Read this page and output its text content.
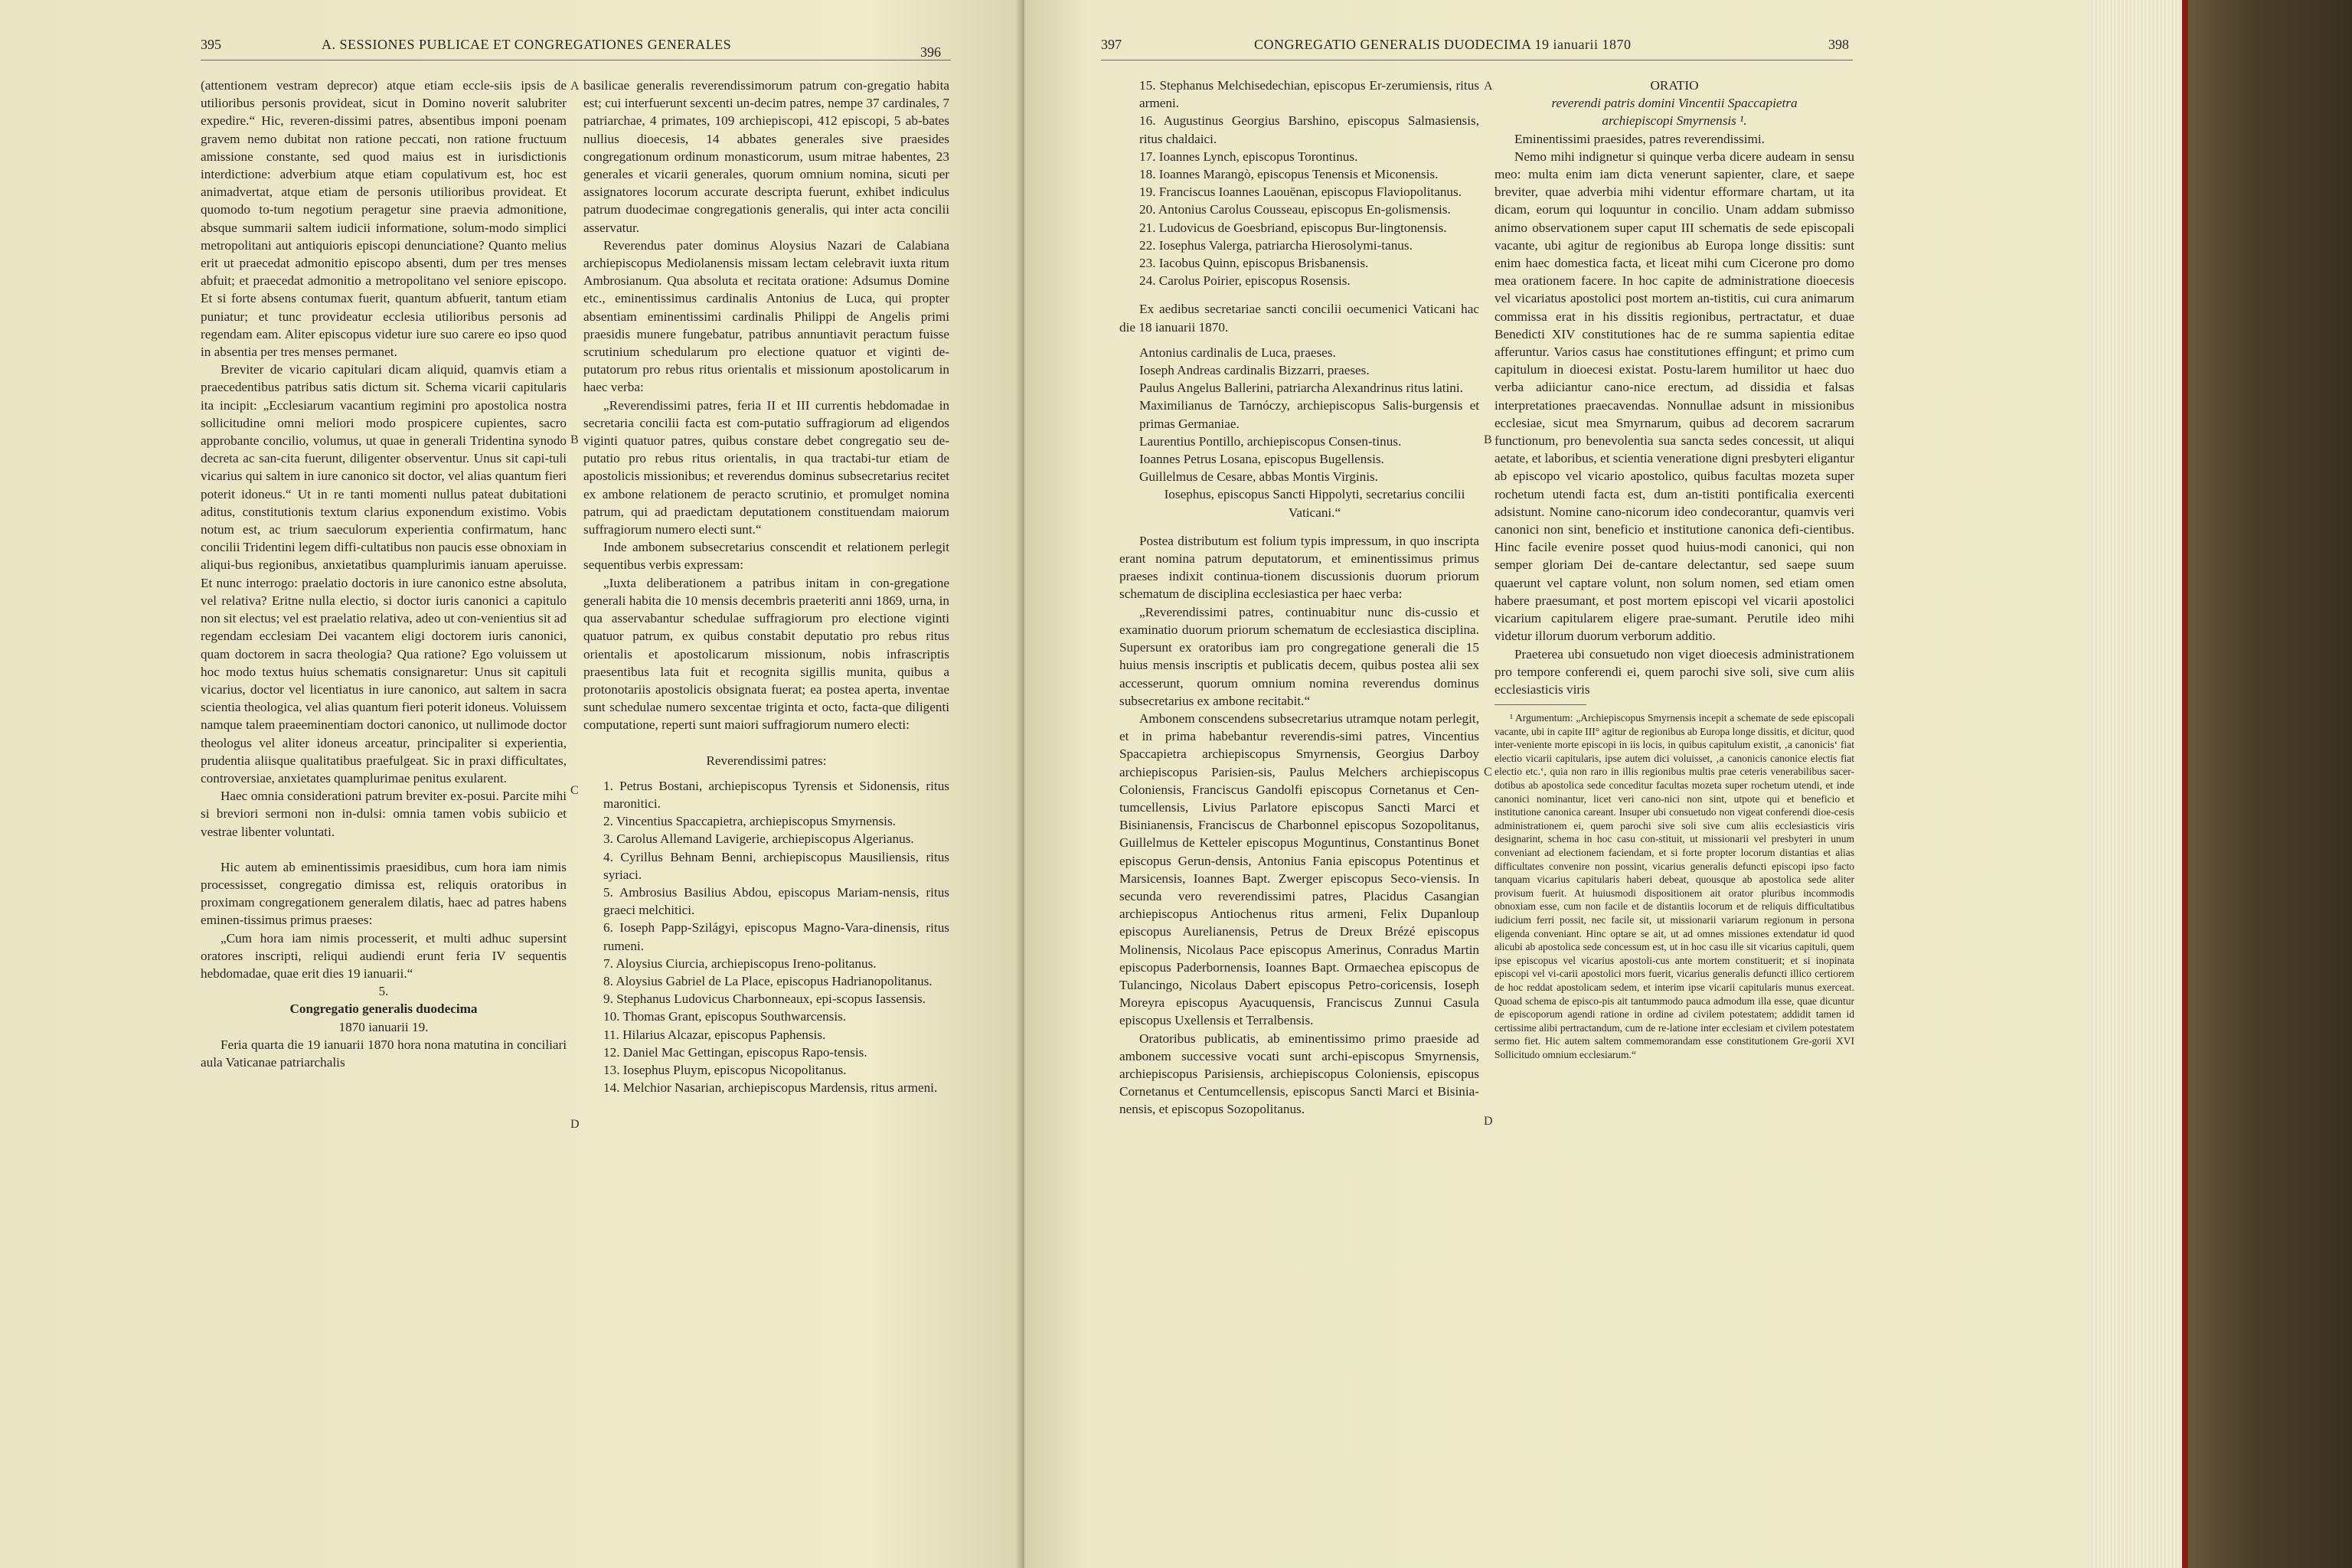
395	A. SESSIONES PUBLICAE ET CONGREGATIONES GENERALES	396

(attentionem vestram deprecor) atque etiam eccle-siis ipsis de utilioribus personis provideat, sicut in Domino noverit salubriter expedire.“ Hic, reveren-dissimi patres, absentibus imponi poenam gravem nemo dubitat non ratione peccati, non ratione fructuum amissione constante, sed quod maius est in iurisdictionis interdictione: adverbium atque etiam copulativum est, hoc est animadvertat, atque etiam de personis utilioribus provideat. Et quomodo to-tum negotium peragetur sine praevia admonitione, absque summarii saltem iudicii informatione, solum-modo simplici metropolitani aut antiquioris episcopi denunciatione? Quanto melius erit ut praecedat admonitio episcopo absenti, dum per tres menses abfuit; et praecedat admonitio a metropolitano vel seniore episcopo. Et si forte absens contumax fuerit, quantum abfuerit, tantum etiam puniatur; et tunc provideatur ecclesia utilioribus personis ad regendam eam. Aliter episcopus videtur iure suo carere eo ipso quod in absentia per tres menses permanet.

Breviter de vicario capitulari dicam aliquid, quamvis etiam a praecedentibus patribus satis dictum sit. Schema vicarii capitularis ita incipit: „Ecclesiarum vacantium regimini pro apostolica nostra sollicitudine omni meliori modo prospicere cupientes, sacro approbante concilio, volumus, ut quae in generali Tridentina synodo decreta ac san-cita fuerunt, diligenter observentur. Unus sit capi-tuli vicarius qui saltem in iure canonico sit doctor, vel alias quantum fieri poterit idoneus.“ Ut in re tanti momenti nullus pateat dubitationi aditus, constitutionis textum clarius exponendum existimo. Vobis notum est, ac trium saeculorum experientia confirmatum, hanc concilii Tridentini legem diffi-cultatibus non paucis esse obnoxiam in aliqui-bus regionibus, anxietatibus quamplurimis ianuam aperuisse. Et nunc interrogo: praelatio doctoris in iure canonico estne absoluta, vel relativa? Eritne nulla electio, si doctor iuris canonici a capitulo non sit electus; vel est praelatio relativa, adeo ut con-venientius sit ad regendam ecclesiam Dei vacantem eligi doctorem iuris canonici, quam doctorem in sacra theologia? Qua ratione? Ego voluissem ut hoc modo textus huius schematis consignaretur: Unus sit capituli vicarius, doctor vel licentiatus in iure canonico, aut saltem in sacra scientia theologica, vel alias quantum fieri poterit idoneus. Voluissem namque talem praeeminentiam doctori canonico, ut nullimode doctor theologus vel aliter idoneus arceatur, principaliter si experientia, prudentia aliisque qualitatibus praefulgeat. Sic in praxi difficultates, controversiae, anxietates quamplurimae penitus exularent.

Haec omnia considerationi patrum breviter ex-posui. Parcite mihi si breviori sermoni non in-dulsi: omnia tamen vobis subiicio et vestrae libenter voluntati.

Hic autem ab eminentissimis praesidibus, cum hora iam nimis processisset, congregatio dimissa est, reliquis oratoribus in proximam congregationem generalem dilatis, haec ad patres habens eminen-tissimus primus praeses:

„Cum hora iam nimis processerit, et multi adhuc supersint oratores inscripti, reliqui audiendi erunt feria IV sequentis hebdomadae, quae erit dies 19 ianuarii.“

5.
Congregatio generalis duodecima
1870 ianuarii 19.

Feria quarta die 19 ianuarii 1870 hora nona matutina in conciliari aula Vaticanae patriarchalis

A
B
C
D

basilicae generalis reverendissimorum patrum con-gregatio habita est; cui interfuerunt sexcenti un-decim patres, nempe 37 cardinales, 7 patriarchae, 4 primates, 109 archiepiscopi, 412 episcopi, 5 ab-bates nullius dioecesis, 14 abbates generales sive praesides congregationum ordinum monasticorum, usum mitrae habentes, 23 generales et vicarii generales, quorum omnium nomina, sicuti per assignatores locorum accurate descripta fuerunt, exhibet indiculus patrum duodecimae congregationis generalis, qui inter acta concilii asservatur.

Reverendus pater dominus Aloysius Nazari de Calabiana archiepiscopus Mediolanensis missam lectam celebravit iuxta ritum Ambrosianum. Qua absoluta et recitata oratione: Adsumus Domine etc., eminentissimus cardinalis Antonius de Luca, qui propter absentiam eminentissimi cardinalis Philippi de Angelis primi praesidis munere fungebatur, patribus annuntiavit peractum fuisse scrutinium schedularum pro electione quatuor et viginti de-putatorum pro rebus ritus orientalis et missionum apostolicarum in haec verba:

„Reverendissimi patres, feria II et III currentis hebdomadae in secretaria concilii facta est com-putatio suffragiorum ad eligendos viginti quatuor patres, quibus constare debet congregatio seu de-putatio pro rebus ritus orientalis, in qua tractabi-tur etiam de apostolicis missionibus; et reverendus dominus subsecretarius recitet ex ambone relationem de peracto scrutinio, et promulget nomina patrum, qui ad praedictam deputationem constituendam maiorum suffragiorum numero electi sunt.“

Inde ambonem subsecretarius conscendit et relationem perlegit sequentibus verbis expressam:

„Iuxta deliberationem a patribus initam in con-gregatione generali habita die 10 mensis decembris praeteriti anni 1869, urna, in qua asservabantur schedulae suffragiorum pro electione viginti quatuor patrum, ex quibus constabit deputatio pro rebus ritus orientalis et apostolicarum missionum, nobis infrascriptis praesentibus lata fuit et recognita sigillis munita, quibus a protonotariis apostolicis obsignata fuerat; ea postea aperta, inventae sunt schedulae numero sexcentae triginta et octo, facta-que diligenti computatione, reperti sunt maiori suffragiorum numero electi:

Reverendissimi patres:

1. Petrus Bostani, archiepiscopus Tyrensis et Sidonensis, ritus maronitici.

2. Vincentius Spaccapietra, archiepiscopus Smyrnensis.

3. Carolus Allemand Lavigerie, archiepiscopus Algerianus.

4. Cyrillus Behnam Benni, archiepiscopus Mausiliensis, ritus syriaci.

5. Ambrosius Basilius Abdou, episcopus Mariam-nensis, ritus graeci melchitici.

6. Ioseph Papp-Szilágyi, episcopus Magno-Vara-dinensis, ritus rumeni.

7. Aloysius Ciurcia, archiepiscopus Ireno-politanus.

8. Aloysius Gabriel de La Place, episcopus Hadrianopolitanus.

9. Stephanus Ludovicus Charbonneaux, epi-scopus Iassensis.

10. Thomas Grant, episcopus Southwarcensis.

11. Hilarius Alcazar, episcopus Paphensis.

12. Daniel Mac Gettingan, episcopus Rapo-tensis.

13. Iosephus Pluym, episcopus Nicopolitanus.

14. Melchior Nasarian, archiepiscopus Mardensis, ritus armeni.

397	CONGREGATIO GENERALIS DUODECIMA 19 ianuarii 1870	398

15. Stephanus Melchisedechian, episcopus Er-zerumiensis, ritus armeni.

16. Augustinus Georgius Barshino, episcopus Salmasiensis, ritus chaldaici.

17. Ioannes Lynch, episcopus Torontinus.

18. Ioannes Marangò, episcopus Tenensis et Miconensis.

19. Franciscus Ioannes Laouënan, episcopus Flaviopolitanus.

20. Antonius Carolus Cousseau, episcopus En-golismensis.

21. Ludovicus de Goesbriand, episcopus Bur-lingtonensis.

22. Iosephus Valerga, patriarcha Hierosolymi-tanus.

23. Iacobus Quinn, episcopus Brisbanensis.

24. Carolus Poirier, episcopus Rosensis.

Ex aedibus secretariae sancti concilii oecumenici Vaticani hac die 18 ianuarii 1870.

Antonius cardinalis de Luca, praeses.

Ioseph Andreas cardinalis Bizzarri, praeses.

Paulus Angelus Ballerini, patriarcha Alexandrinus ritus latini.

Maximilianus de Tarnóczy, archiepiscopus Salis-burgensis et primas Germaniae.

Laurentius Pontillo, archiepiscopus Consen-tinus.

Ioannes Petrus Losana, episcopus Bugellensis.

Guillelmus de Cesare, abbas Montis Virginis.

Iosephus, episcopus Sancti Hippolyti, secretarius concilii Vaticani.“

Postea distributum est folium typis impressum, in quo inscripta erant nomina patrum deputatorum, et eminentissimus primus praeses indixit continua-tionem discussionis duorum priorum schematum de disciplina ecclesiastica per haec verba:

„Reverendissimi patres, continuabitur nunc dis-cussio et examinatio duorum priorum schematum de ecclesiastica disciplina. Supersunt ex oratoribus iam pro congregatione generali die 15 huius mensis inscriptis et publicatis decem, quibus postea alii sex accesserunt, quorum omnium nomina reverendus dominus subsecretarius ex ambone recitabit.“

Ambonem conscendens subsecretarius utramque notam perlegit, et in prima habebantur reverendis-simi patres, Vincentius Spaccapietra archiepiscopus Smyrnensis, Georgius Darboy archiepiscopus Parisien-sis, Paulus Melchers archiepiscopus Coloniensis, Franciscus Gandolfi episcopus Cornetanus et Cen-tumcellensis, Livius Parlatore episcopus Sancti Marci et Bisinianensis, Franciscus de Charbonnel episcopus Sozopolitanus, Guillelmus de Ketteler episcopus Moguntinus, Constantinus Bonet episcopus Gerun-densis, Antonius Fania episcopus Potentinus et Marsicensis, Ioannes Bapt. Zwerger episcopus Seco-viensis. In secunda vero reverendissimi patres, Placidus Casangian archiepiscopus Antiochenus ritus armeni, Felix Dupanloup episcopus Aurelianensis, Petrus de Dreux Brézé episcopus Molinensis, Nicolaus Pace episcopus Amerinus, Conradus Martin episcopus Paderbornensis, Ioannes Bapt. Ormaechea episcopus de Tulancingo, Nicolaus Dabert episcopus Petro-coricensis, Ioseph Moreyra episcopus Ayacuquensis, Franciscus Zunnui Casula episcopus Uxellensis et Terralbensis.

Oratoribus publicatis, ab eminentissimo primo praeside ad ambonem successive vocati sunt archi-episcopus Smyrnensis, archiepiscopus Parisiensis, archiepiscopus Coloniensis, episcopus Cornetanus et Centumcellensis, episcopus Sancti Marci et Bisinia-nensis, et episcopus Sozopolitanus.

A
B
C
D
ORATIO
reverendi patris domini Vincentii Spaccapietra archiepiscopi Smyrnensis ¹.

Eminentissimi praesides, patres reverendissimi.

Nemo mihi indignetur si quinque verba dicere audeam in sensu meo: multa enim iam dicta venerunt sapienter, clare, et saepe breviter, quae adverbia mihi videntur efformare chartam, ut ita dicam, eorum qui loquuntur in concilio. Unam addam submisso animo observationem super caput III schematis de sede episcopali vacante, ubi agitur de regionibus ab Europa longe dissitis: sunt enim haec domestica facta, et liceat mihi cum Cicerone pro domo mea orationem facere. In hoc capite de administratione dioecesis vel vicariatus apostolici post mortem an-tistitis, cui cura animarum commissa erat in his dissitis regionibus, pertractatur, et duae Benedicti XIV constitutiones hac de re summa sapientia editae afferuntur. Varios casus hae constitutiones effingunt; et primo cum capitulum in dioecesi existat. Postu-larem humilitor ut haec duo verba adiiciantur cano-nice erectum, ad dissidia et falsas interpretationes praecavendas. Nonnullae adsunt in missionibus ecclesiae, sicut mea Smyrnarum, quibus ad decorem sacrarum functionum, pro benevolentia sua sancta sedes concessit, ut aliqui aetate, et laboribus, et scientia veneratione digni presbyteri eligantur ab episcopo vel vicario apostolico, quibus facultas mozeta super rochetum utendi facta est, dum an-tistiti pontificalia exercenti adsistunt. Nomine cano-nicorum ideo condecorantur, quamvis veri canonici non sint, beneficio et institutione canonica defi-cientibus. Hinc facile evenire posset quod huius-modi canonici, qui non semper gloriam Dei de-cantare delectantur, sed saepe suum quaerunt vel captare volunt, non solum nomen, sed etiam omen habere praesumant, et post mortem episcopi vel vicarii apostolici vicarium capitularem eligere prae-sumant. Perutile ideo mihi videtur illorum duorum verborum additio.

Praeterea ubi consuetudo non viget dioecesis administrationem pro tempore conferendi ei, quem parochi sive soli, sive cum aliis ecclesiasticis viris

¹ Argumentum: „Archiepiscopus Smyrnensis incepit a schemate de sede episcopali vacante, ubi in capite III° agitur de regionibus ab Europa longe dissitis, et dicitur, quod inter-veniente morte episcopi in iis locis, in quibus capitulum existit, ‚a canonicis‘ fiat electio vicarii capitularis, ipse autem dici voluisset, ‚a canonicis canonice electis fiat electio etc.‘, quia non raro in illis regionibus multis prae ceteris venerabilibus sacer-dotibus ab apostolica sede conceditur facultas mozeta super rochetum utendi, et inde canonici nominantur, licet veri cano-nici non sint, utpote qui et beneficio et institutione canonica careant. Insuper ubi consuetudo non vigeat conferendi dioe-cesis administrationem ei, quem parochi sive soli sive cum aliis ecclesiasticis viris designarint, schema in hoc casu con-stituit, ut missionarii vel presbyteri in unum conveniant ad electionem faciendam, et si forte propter locorum distantias et alias difficultates convenire non possint, vicarius generalis defuncti episcopi ipso facto tanquam vicarius capitularis haberi debeat, quousque ab apostolica sede aliter provisum fuerit. At huiusmodi dispositionem ait orator pluribus incommodis obnoxiam esse, cum non facile et de distantiis locorum et de reliquis difficultatibus iudicium ferri possit, nec facile sit, ut missionarii variarum regionum in persona eligenda conveniant. Hinc optare se ait, ut ad omnes missiones extendatur id quod alicubi ab apostolica sede concessum est, ut in hoc casu ille sit vicarius capituli, quem ipse episcopus vel vicarius apostoli-cus ante mortem constituerit; et si inopinata episcopi vel vi-carii apostolici mors fuerit, vicarius generalis defuncti illico certiorem de hoc reddat apostolicam sedem, et interim ipse vicarii capitularis munus exerceat. Quoad schema de episco-pis ait tantummodo pauca admodum illa esse, quae dicuntur de episcoporum agendi ratione in ordine ad civilem potestatem; addidit tamen id certissime alibi pertractandum, cum de re-latione inter ecclesiam et civilem potestatem sermo fiet. Hic autem saltem commemorandam esse constitutionem Gre-gorii XVI Sollicitudo omnium ecclesiarum.“
